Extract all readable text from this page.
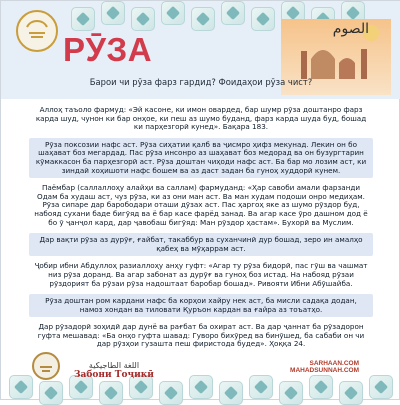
РӮЗА
الصوم
Барои чи рӯза фарз гардид? Фоидаҳои рӯза чист?
Аллоҳ таъоло фармуд: «Эй касоне, ки имон овардед, бар шумр рӯза доштанро фарз карда шуд, чунон ки бар онҳое, ки пеш аз шумо буданд, фарз карда шуда буд, бошад ки парҳезгорӣ кунед». Бақара 183.
Рӯза поксозии нафс аст. Рӯза сиҳатии қалб ва ҷисмро ҳифз мекунад. Лекин он бо шаҳават боз мегардад. Пас рӯза инсонро аз шаҳават боз медорад ва он бузургтарин кӯмаккасон ба парҳезгорӣ аст. Рӯза доштан чиҳоди нафс аст. Ба бар мо лозим аст, ки зиндаӣ хоҳишоти нафс бошем ва аз даст задан ба гуноҳ худдорӣ кунем.
Паёмбар (саллаллоҳу алайҳи ва саллам) фармуданд: «Ҳар савоби амали фарзанди Одам ба худаш аст, чуз рӯза, ки аз они ман аст. Ва ман худам подоши онро медиҳам. Рӯза сипаре дар барободари оташи дӯзах аст. Пас ҳаргоҳ яке аз шумо рӯздор буд, набояд сухани бадe бигӯяд ва ё бар касе фарёд занад. Ва агар касе ӯро дашном дод ё бо ӯ ҷанҷол кард, дар ҷавобаш бигӯяд: Ман рӯздор ҳастам». Бухорӣ ва Муслим.
Дар вақти рӯза аз дурӯғ, ғайбат, такаббур ва суханчинӣ дур бошад, зеро ин амалҳо қабеҳ ва мӯҳаррам аст.
Ҷобир ибни Абдуллоҳ разиаллоҳу анҳу гуфт: «Агар ту рӯза бидорӣ, пас гӯш ва чашмат низ рӯза доранд. Ва агар забонат аз дурӯғ ва гуноҳ боз истад. На набояд рӯзаи рӯздорият ба рӯзаи рӯза надоштаат баробар бошад». Ривояти Ибни Абӯшайба.
Рӯза доштан ром кардани нафс ба корҳои хайру нек аст, ба мисли садақа додан, намоз хондан ва тиловати Қуръон кардан ва ғайра аз тоъатҳо.
Дар рӯзадорӣ зоҳидӣ дар дунё ва рағбат ба охират аст. Ва дар ҷаннат ба рӯзадорон гуфта мешавад: «Ба онҳо гуфта шавад: Гуворо бихӯред ва бинӯшед, ба сабаби он чи дар рӯзҳои гузашта пеш фиристода будед». Ҳоққа 24.
اللغة الطاجيكية
Забони Тоҷикӣ
SARHAAN.COM
MAHADSUNNAH.COM
